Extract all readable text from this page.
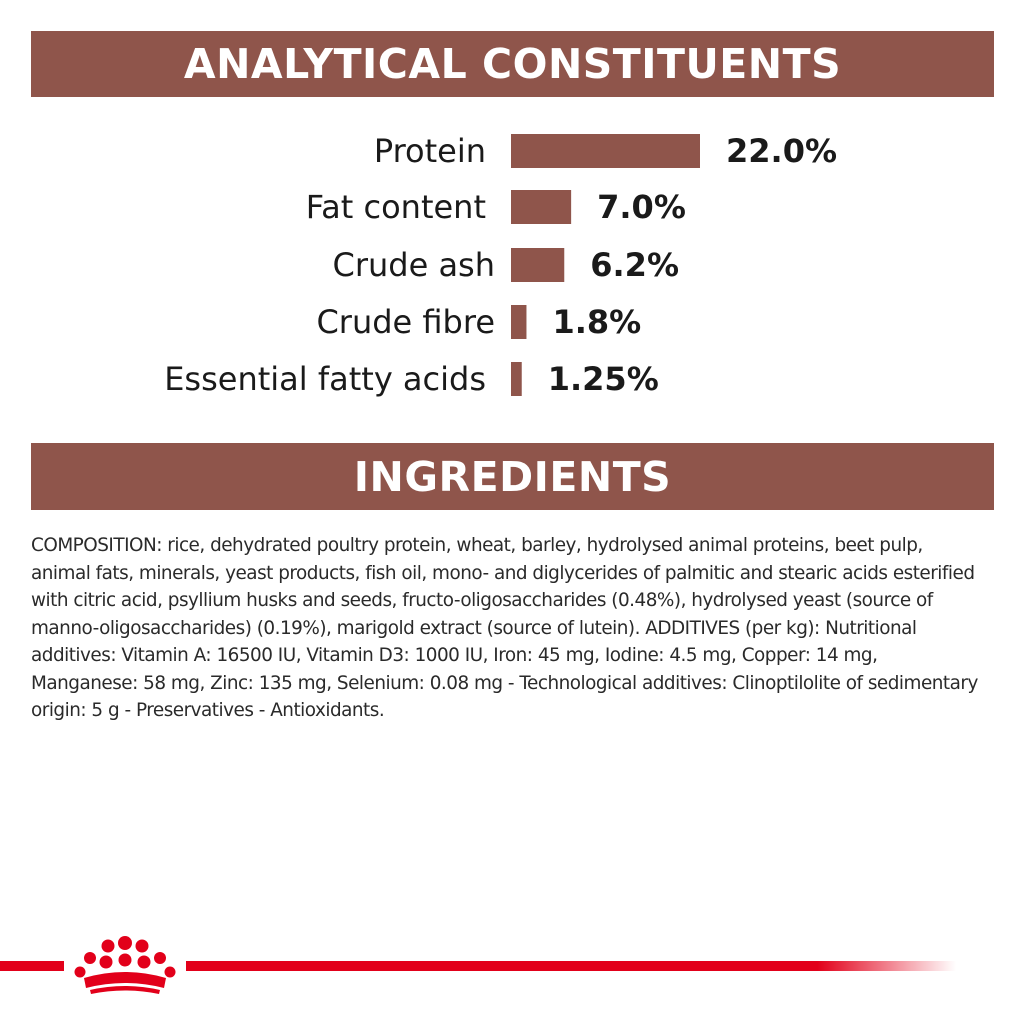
ANALYTICAL CONSTITUENTS
Protein	22.0%
Fat content	7.0%
Crude ash	6.2%
Crude fibre 1.8%
Essential fatty acids 1.25%
INGREDIENTS

COMPOSITION: rice, dehydrated poultry protein, wheat, barley, hydrolysed animal proteins, beet pulp, animal fats, minerals, yeast products, fish oil, mono- and diglycerides of palmitic and stearic acids esterified with citric acid, psyllium husks and seeds, fructo-oligosaccharides (0.48%), hydrolysed yeast (source of manno-oligosaccharides) (0.19%), marigold extract (source of lutein). ADDITIVES (per kg): Nutritional additives: Vitamin A: 16500 IU, Vitamin D3: 1000 IU, Iron: 45 mg, Iodine: 4.5 mg, Copper: 14 mg, Manganese: 58 mg, Zinc: 135 mg, Selenium: 0.08 mg - Technological additives: Clinoptilolite of sedimentary origin: 5 g - Preservatives - Antioxidants.
